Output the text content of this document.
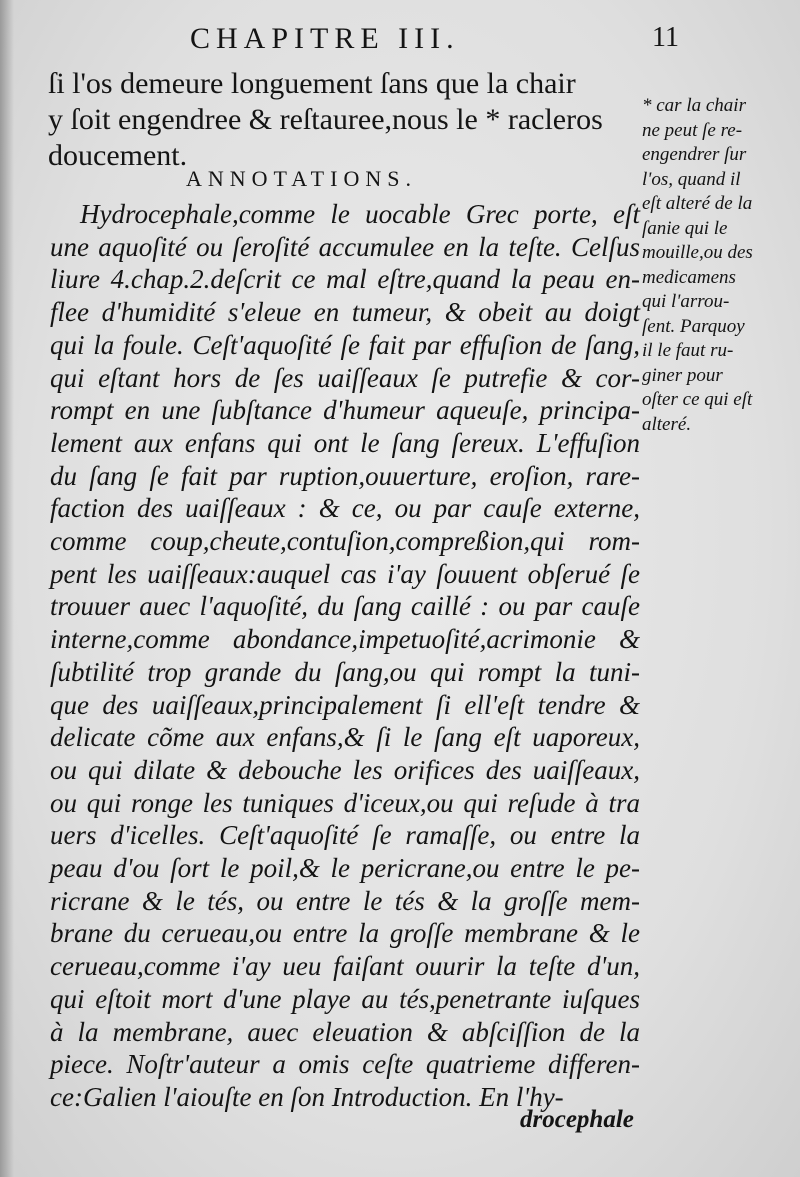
CHAPITRE III.	11
ſi l'os demeure longuement ſans que la chair
y ſoit engendree & reſtauree,nous le * racleros
doucement.
ANNOTATIONS.
Hydrocephale,comme le uocable Grec porte, eſt
une aquoſité ou ſeroſité accumulee en la teſte. Celſus
liure 4.chap.2.deſcrit ce mal eſtre,quand la peau en-
flee d'humidité s'eleue en tumeur, & obeit au doigt
qui la foule. Ceſt'aquoſité ſe fait par effuſion de ſang,
qui eſtant hors de ſes uaiſſeaux ſe putrefie & cor-
rompt en une ſubſtance d'humeur aqueuſe, principa-
lement aux enfans qui ont le ſang ſereux. L'effuſion
du ſang ſe fait par ruption,ouuerture, eroſion, rare-
faction des uaiſſeaux : & ce, ou par cauſe externe,
comme coup,cheute,contuſion,compreßion,qui rom-
pent les uaiſſeaux:auquel cas i'ay ſouuent obſerué ſe
trouuer auec l'aquoſité, du ſang caillé : ou par cauſe
interne,comme abondance,impetuoſité,acrimonie &
ſubtilité trop grande du ſang,ou qui rompt la tuni-
que des uaiſſeaux,principalement ſi ell'eſt tendre &
delicate cõme aux enfans,& ſi le ſang eſt uaporeux,
ou qui dilate & debouche les orifices des uaiſſeaux,
ou qui ronge les tuniques d'iceux,ou qui reſude à tra
uers d'icelles. Ceſt'aquoſité ſe ramaſſe, ou entre la
peau d'ou ſort le poil,& le pericrane,ou entre le pe-
ricrane & le tés, ou entre le tés & la groſſe mem-
brane du cerueau,ou entre la groſſe membrane & le
cerueau,comme i'ay ueu faiſant ouurir la teſte d'un,
qui eſtoit mort d'une playe au tés,penetrante iuſques
à la membrane, auec eleuation & abſciſſion de la
piece. Noſtr'auteur a omis ceſte quatrieme differen-
ce:Galien l'aiouſte en ſon Introduction. En l'hy-
drocephale
* car la chair
ne peut ſe re-
engendrer ſur
l'os, quand il
eſt alteré de la
ſanie qui le
mouille,ou des
medicamens
qui l'arrou-
ſent. Parquoy
il le faut ru-
giner pour
oſter ce qui eſt
alteré.
